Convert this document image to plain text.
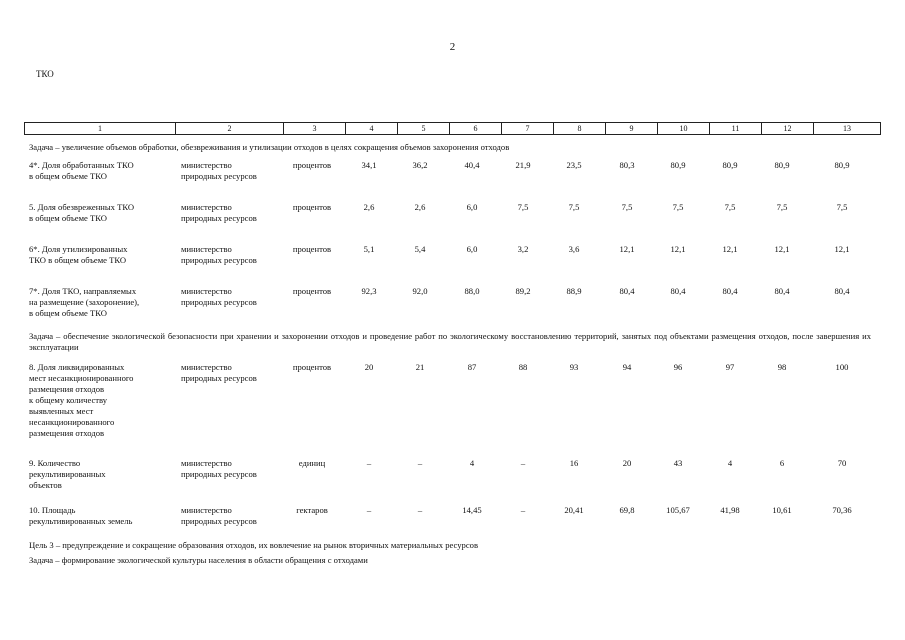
2
ТКО
1	2	3	4	5	6	7	8	9	10	11	12	13
Задача – увеличение объемов обработки, обезвреживания и утилизации отходов в целях сокращения объемов захоронения отходов
4*. Доля обработанных ТКО
в общем объеме ТКО
министерство
природных ресурсов
процентов	34,1	36,2	40,4	21,9	23,5	80,3	80,9	80,9	80,9	80,9
5. Доля обезвреженных ТКО
в общем объеме ТКО
министерство
природных ресурсов
процентов	2,6	2,6	6,0	7,5	7,5	7,5	7,5	7,5	7,5	7,5
6*. Доля утилизированных
ТКО в общем объеме ТКО
министерство
природных ресурсов
процентов	5,1	5,4	6,0	3,2	3,6	12,1	12,1	12,1	12,1	12,1
7*. Доля ТКО, направляемых
на размещение (захоронение),
в общем объеме ТКО
министерство
природных ресурсов
процентов	92,3	92,0	88,0	89,2	88,9	80,4	80,4	80,4	80,4	80,4
Задача – обеспечение экологической безопасности при хранении и захоронении отходов и проведение работ по экологическому восстановлению территорий, занятых под объектами размещения отходов, после завершения их эксплуатации
8. Доля ликвидированных
мест несанкционированного
размещения отходов
к общему количеству
выявленных мест
несанкционированного
размещения отходов
министерство
природных ресурсов
процентов	20	21	87	88	93	94	96	97	98	100
9. Количество
рекультивированных
объектов
министерство
природных ресурсов
единиц	–	–	4	–	16	20	43	4	6	70
10. Площадь
рекультивированных земель
министерство
природных ресурсов
гектаров	–	–	14,45	–	20,41	69,8	105,67	41,98	10,61	70,36
Цель 3 – предупреждение и сокращение образования отходов, их вовлечение на рынок вторичных материальных ресурсов
Задача – формирование экологической культуры населения в области обращения с отходами
